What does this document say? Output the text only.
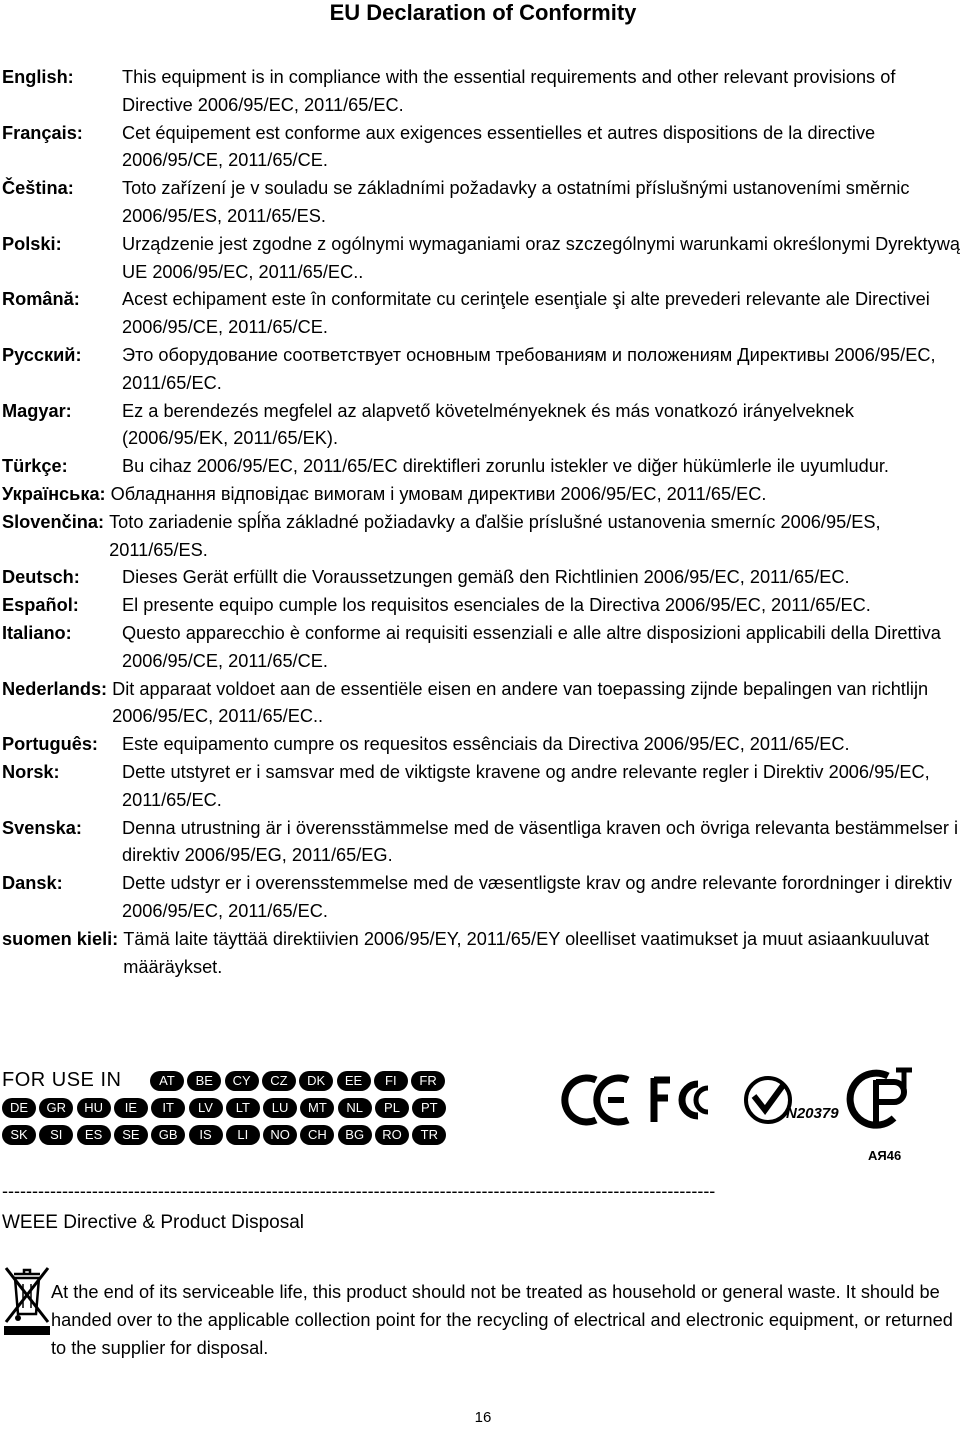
EU Declaration of Conformity
English:	This equipment is in compliance with the essential requirements and other relevant provisions of Directive 2006/95/EC, 2011/65/EC.
Français:	Cet équipement est conforme aux exigences essentielles et autres dispositions de la directive 2006/95/CE, 2011/65/CE.
Čeština:	Toto zařízení je v souladu se základními požadavky a ostatními příslušnými ustanoveními směrnic 2006/95/ES, 2011/65/ES.
Polski:	Urządzenie jest zgodne z ogólnymi wymaganiami oraz szczególnymi warunkami określonymi Dyrektywą UE 2006/95/EC, 2011/65/EC..
Română:	Acest echipament este în conformitate cu cerinţele esenţiale şi alte prevederi relevante ale Directivei 2006/95/CE, 2011/65/CE.
Русский:	Это оборудование соответствует основным требованиям и положениям Директивы 2006/95/EC, 2011/65/EC.
Magyar:	Ez a berendezés megfelel az alapvető követelményeknek és más vonatkozó irányelveknek (2006/95/EK, 2011/65/EK).
Türkçe:	Bu cihaz 2006/95/EC, 2011/65/EC direktifleri zorunlu istekler ve diğer hükümlerle ile uyumludur.
Українська: Обладнання відповідає вимогам і умовам директиви 2006/95/EC, 2011/65/EC.
Slovenčina: Toto zariadenie spĺňa základné požiadavky a ďalšie príslušné ustanovenia smerníc 2006/95/ES, 2011/65/ES.
Deutsch:	Dieses Gerät erfüllt die Voraussetzungen gemäß den Richtlinien 2006/95/EC, 2011/65/EC.
Español:	El presente equipo cumple los requisitos esenciales de la Directiva 2006/95/EC, 2011/65/EC.
Italiano:	Questo apparecchio è conforme ai requisiti essenziali e alle altre disposizioni applicabili della Direttiva 2006/95/CE, 2011/65/CE.
Nederlands: Dit apparaat voldoet aan de essentiële eisen en andere van toepassing zijnde bepalingen van richtlijn 2006/95/EC, 2011/65/EC..
Português:	Este equipamento cumpre os requesitos essênciais da Directiva 2006/95/EC, 2011/65/EC.
Norsk:	Dette utstyret er i samsvar med de viktigste kravene og andre relevante regler i Direktiv 2006/95/EC, 2011/65/EC.
Svenska:	Denna utrustning är i överensstämmelse med de väsentliga kraven och övriga relevanta bestämmelser i direktiv 2006/95/EG, 2011/65/EG.
Dansk:	Dette udstyr er i overensstemmelse med de væsentligste krav og andre relevante forordninger i direktiv 2006/95/EC, 2011/65/EC.
suomen kieli: Tämä laite täyttää direktiivien 2006/95/EY, 2011/65/EY oleelliset vaatimukset ja muut asiaankuuluvat määräykset.
FOR USE IN	AT	BE	CY	CZ	DK	EE	FI	FR
DE	GR	HU	IE	IT	LV	LT	LU	MT	NL	PL	PT
SK	SI	ES	SE	GB	IS	LI	NO	CH	BG	RO	TR
N20379
АЯ46
-----------------------------------------------------------------------------------------------------------------------
WEEE Directive & Product Disposal
At the end of its serviceable life, this product should not be treated as household or general waste. It should be handed over to the applicable collection point for the recycling of electrical and electronic equipment, or returned to the supplier for disposal.
16
